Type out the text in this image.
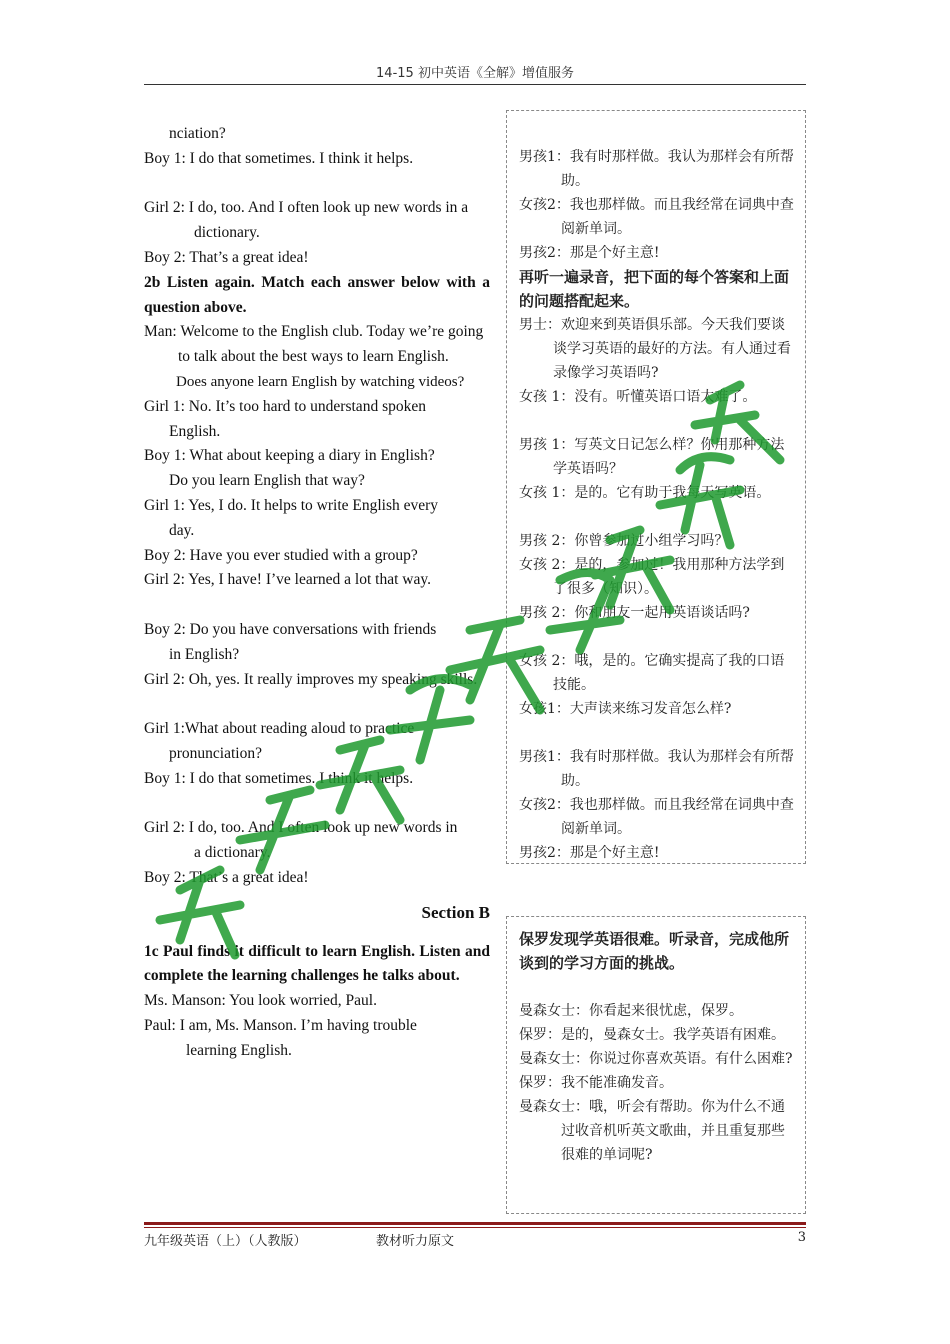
14-15 初中英语《全解》增值服务

nciation?

Boy 1: I do that sometimes. I think it helps.

Girl 2: I do, too. And I often look up new words in a

dictionary.

Boy 2: That’s a great idea!

2b Listen again. Match each answer below with a question above.

Man: Welcome to the English club. Today we’re going

to talk about the best ways to learn English.

Does anyone learn English by watching videos?

Girl 1: No. It’s too hard to understand spoken

English.

Boy 1: What about keeping a diary in English?

Do you learn English that way?

Girl 1: Yes, I do. It helps to write English every

day.

Boy 2: Have you ever studied with a group?

Girl 2: Yes, I have! I’ve learned a lot that way.

Boy 2: Do you have conversations with friends

in English?

Girl 2: Oh, yes. It really improves my speaking skills.

Girl 1:What about reading aloud to practice

pronunciation?

Boy 1: I do that sometimes. I think it helps.

Girl 2: I do, too. And I often look up new words in

a dictionary.

Boy 2: That’s a great idea!

Section B

1c Paul finds it difficult to learn English. Listen and complete the learning challenges he talks about.

Ms. Manson: You look worried, Paul.

Paul: I am, Ms. Manson. I’m having trouble

learning English.

男孩1：我有时那样做。我认为那样会有所帮助。

女孩2：我也那样做。而且我经常在词典中查阅新单词。

男孩2：那是个好主意!

再听一遍录音，把下面的每个答案和上面的问题搭配起来。

男士：欢迎来到英语俱乐部。今天我们要谈谈学习英语的最好的方法。有人通过看录像学习英语吗?

女孩 1：没有。听懂英语口语太难了。

男孩 1：写英文日记怎么样？你用那种方法学英语吗？

女孩 1：是的。它有助于我每天写英语。

男孩 2：你曾参加过小组学习吗？

女孩 2：是的，参加过！我用那种方法学到了很多（知识）。

男孩 2：你和朋友一起用英语谈话吗?

女孩 2：哦，是的。它确实提高了我的口语技能。

女孩1：大声读来练习发音怎么样?

男孩1：我有时那样做。我认为那样会有所帮助。

女孩2：我也那样做。而且我经常在词典中查阅新单词。

男孩2：那是个好主意!

保罗发现学英语很难。听录音，完成他所谈到的学习方面的挑战。

曼森女士：你看起来很忧虑，保罗。

保罗：是的，曼森女士。我学英语有困难。

曼森女士：你说过你喜欢英语。有什么困难?

保罗：我不能准确发音。

曼森女士：哦，听会有帮助。你为什么不通过收音机听英文歌曲，并且重复那些很难的单词呢?

九年级英语（上）（人教版）	教材听力原文	3
